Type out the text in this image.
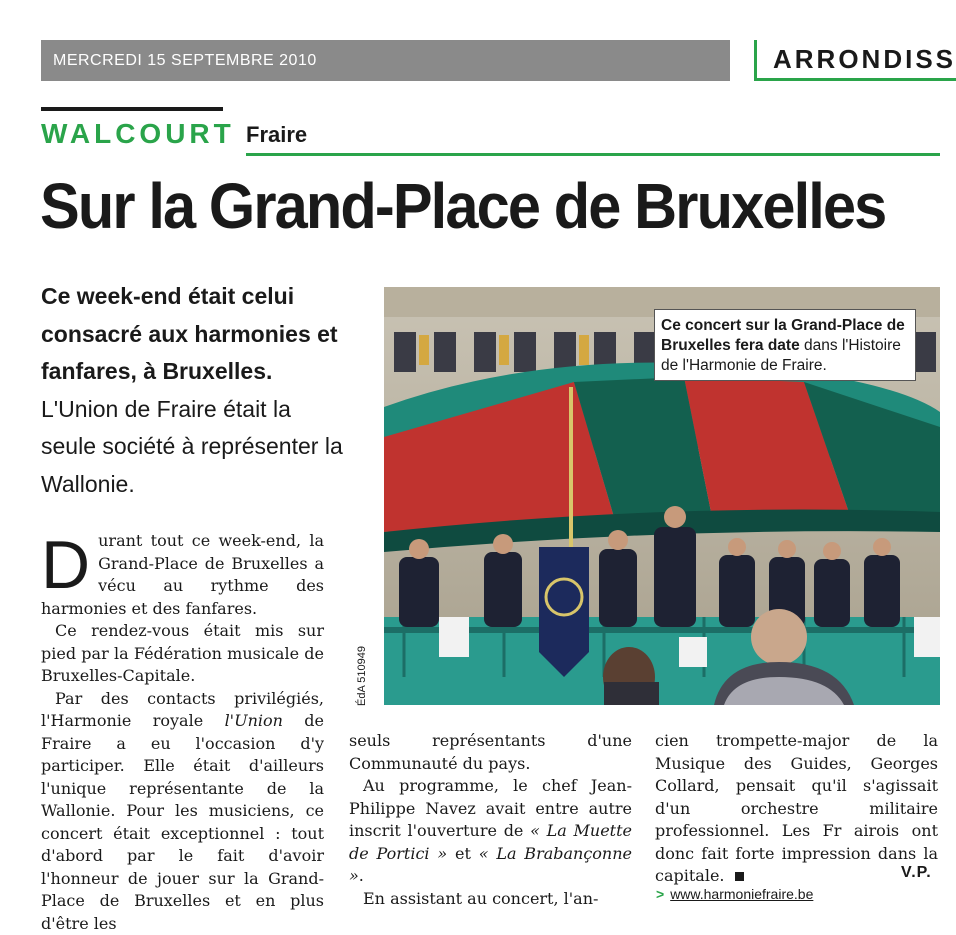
MERCREDI 15 SEPTEMBRE 2010	ARRONDISS
WALCOURT Fraire
Sur la Grand-Place de Bruxelles
Ce week-end était celui consacré aux harmonies et fanfares, à Bruxelles. L'Union de Fraire était la seule société à représenter la Wallonie.

Durant tout ce week-end, la Grand-Place de Bruxelles a vécu au rythme des harmonies et des fanfares.

Ce rendez-vous était mis sur pied par la Fédération musicale de Bruxelles-Capitale.

Par des contacts privilégiés, l'Harmonie royale l'Union de Fraire a eu l'occasion d'y participer. Elle était d'ailleurs l'unique représentante de la Wallonie. Pour les musiciens, ce concert était exceptionnel : tout d'abord par le fait d'avoir l'honneur de jouer sur la Grand-Place de Bruxelles et en plus d'être les

seuls représentants d'une Communauté du pays.

Au programme, le chef Jean-Philippe Navez avait entre autre inscrit l'ouverture de « La Muette de Portici » et « La Brabançonne ».

En assistant au concert, l'an-

cien trompette-major de la Musique des Guides, Georges Collard, pensait qu'il s'agissait d'un orchestre militaire professionnel. Les Fr airois ont donc fait forte impression dans la capitale.

Ce concert sur la Grand-Place de Bruxelles fera date dans l'Histoire de l'Harmonie de Fraire.
ÉdA 510949
V.P.
> www.harmoniefraire.be
